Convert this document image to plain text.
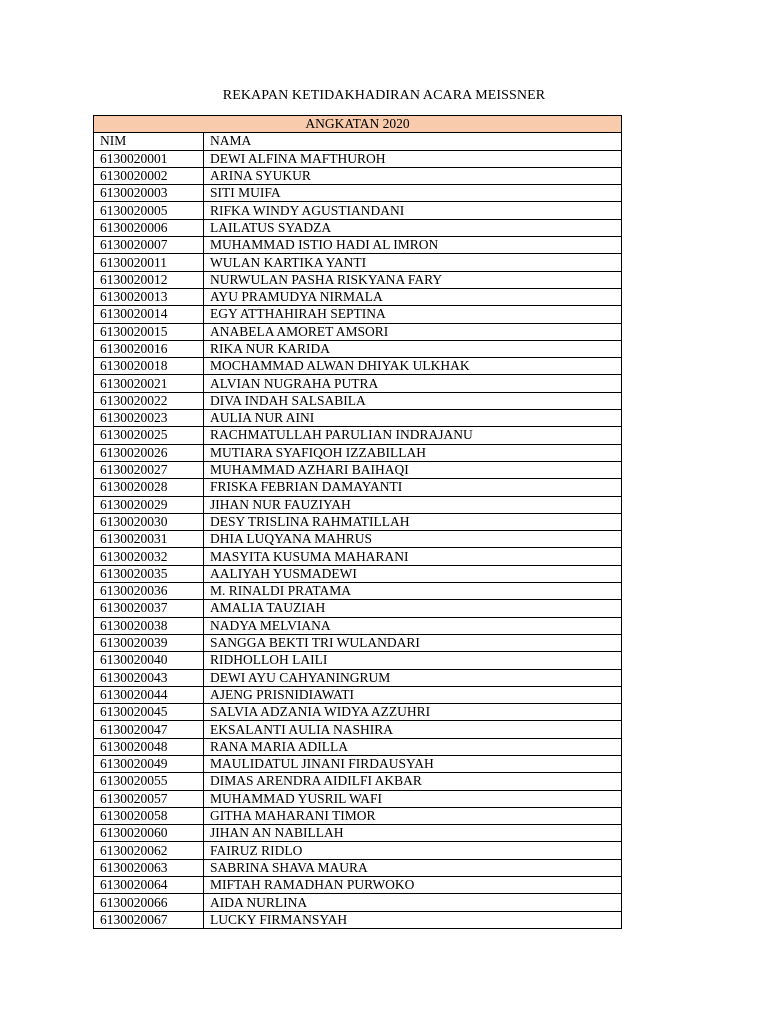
REKAPAN KETIDAKHADIRAN ACARA MEISSNER
ANGKATAN 2020	
NIM	NAMA
6130020001	DEWI ALFINA MAFTHUROH
6130020002	ARINA SYUKUR
6130020003	SITI MUIFA
6130020005	RIFKA WINDY AGUSTIANDANI
6130020006	LAILATUS SYADZA
6130020007	MUHAMMAD ISTIO HADI AL IMRON
6130020011	WULAN KARTIKA YANTI
6130020012	NURWULAN PASHA RISKYANA FARY
6130020013	AYU PRAMUDYA NIRMALA
6130020014	EGY ATTHAHIRAH SEPTINA
6130020015	ANABELA AMORET AMSORI
6130020016	RIKA NUR KARIDA
6130020018	MOCHAMMAD ALWAN DHIYAK ULKHAK
6130020021	ALVIAN NUGRAHA PUTRA
6130020022	DIVA INDAH SALSABILA
6130020023	AULIA NUR AINI
6130020025	RACHMATULLAH PARULIAN INDRAJANU
6130020026	MUTIARA SYAFIQOH IZZABILLAH
6130020027	MUHAMMAD AZHARI BAIHAQI
6130020028	FRISKA FEBRIAN DAMAYANTI
6130020029	JIHAN NUR FAUZIYAH
6130020030	DESY TRISLINA RAHMATILLAH
6130020031	DHIA LUQYANA MAHRUS
6130020032	MASYITA KUSUMA MAHARANI
6130020035	AALIYAH YUSMADEWI
6130020036	M. RINALDI PRATAMA
6130020037	AMALIA TAUZIAH
6130020038	NADYA MELVIANA
6130020039	SANGGA BEKTI TRI WULANDARI
6130020040	RIDHOLLOH LAILI
6130020043	DEWI AYU CAHYANINGRUM
6130020044	AJENG PRISNIDIAWATI
6130020045	SALVIA ADZANIA WIDYA AZZUHRI
6130020047	EKSALANTI AULIA NASHIRA
6130020048	RANA MARIA ADILLA
6130020049	MAULIDATUL JINANI FIRDAUSYAH
6130020055	DIMAS ARENDRA AIDILFI AKBAR
6130020057	MUHAMMAD YUSRIL WAFI
6130020058	GITHA MAHARANI TIMOR
6130020060	JIHAN AN NABILLAH
6130020062	FAIRUZ RIDLO
6130020063	SABRINA SHAVA MAURA
6130020064	MIFTAH RAMADHAN PURWOKO
6130020066	AIDA NURLINA
6130020067	LUCKY FIRMANSYAH
